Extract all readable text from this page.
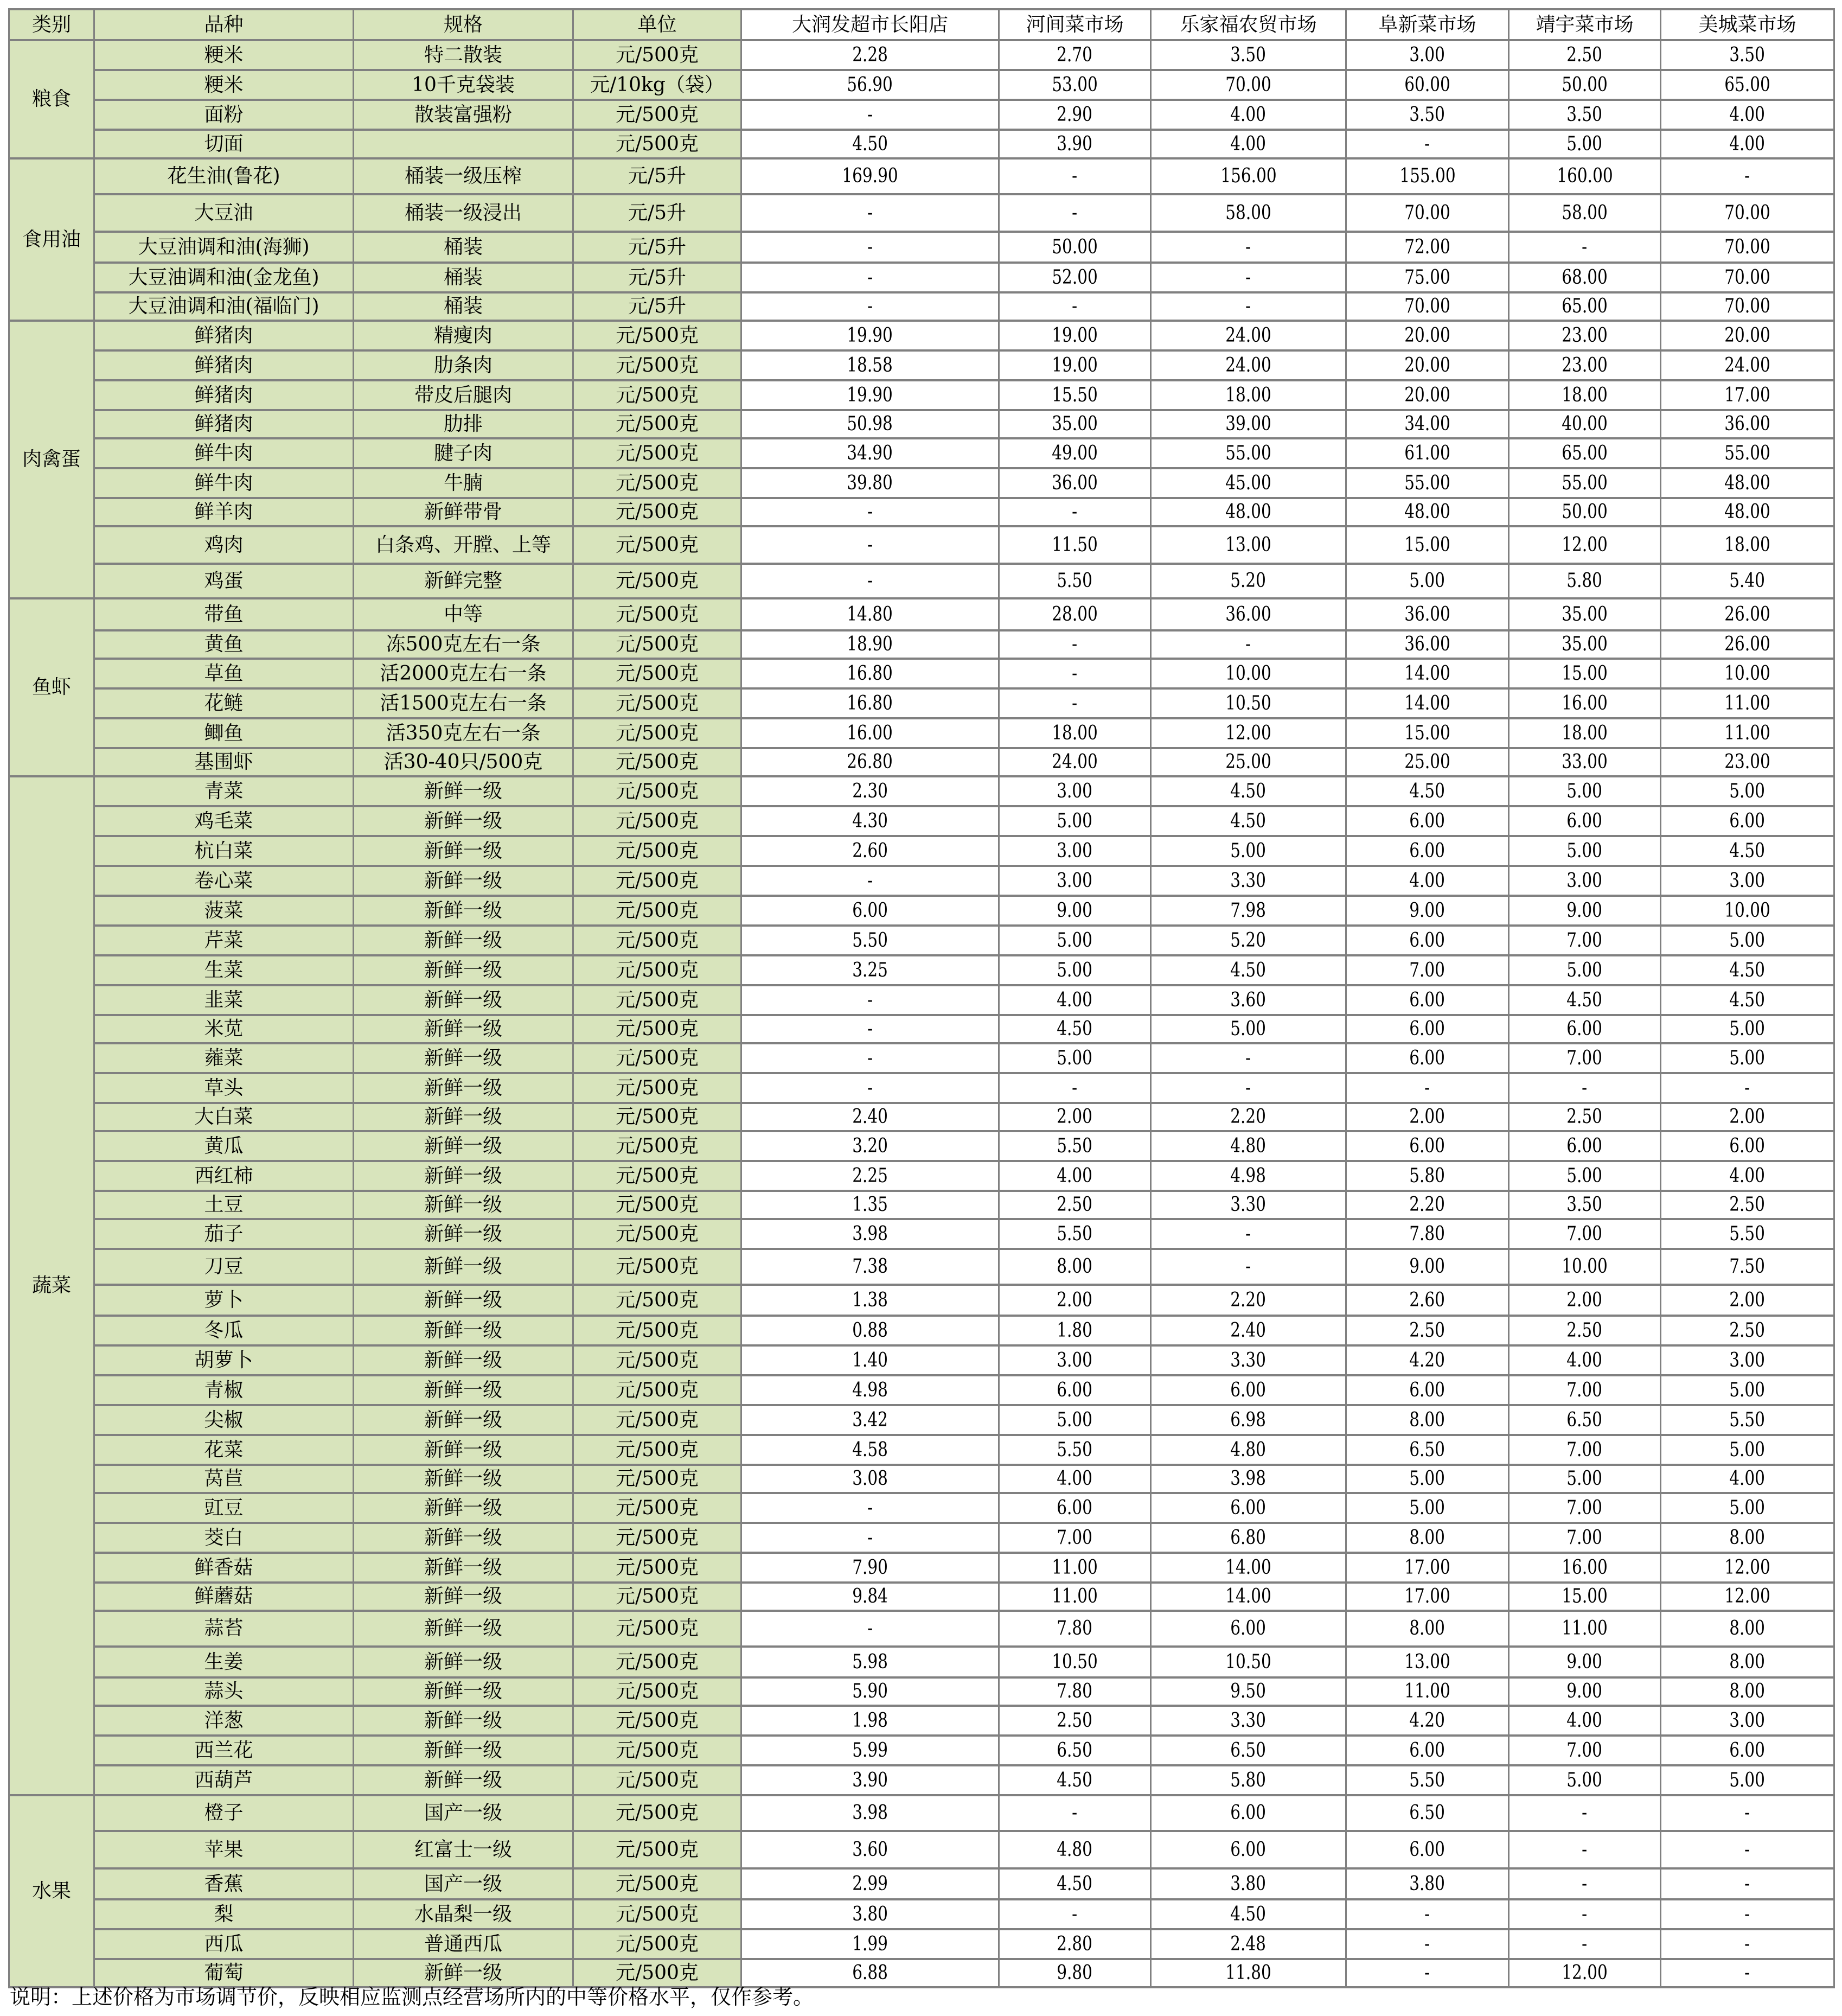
类别	品种	规格	单位	大润发超市长阳店	河间菜市场	乐家福农贸市场	阜新菜市场	靖宇菜市场	美城菜市场
粮食	粳米	特二散装	元/500克	2.28	2.70	3.50	3.00	2.50	3.50
	粳米	10千克袋装	元/10kg（袋）	56.90	53.00	70.00	60.00	50.00	65.00
	面粉	散装富强粉	元/500克	-	2.90	4.00	3.50	3.50	4.00
	切面		元/500克	4.50	3.90	4.00	-	5.00	4.00
食用油	花生油(鲁花)	桶装一级压榨	元/5升	169.90	-	156.00	155.00	160.00	-
	大豆油	桶装一级浸出	元/5升	-	-	58.00	70.00	58.00	70.00
	大豆油调和油(海狮)	桶装	元/5升	-	50.00	-	72.00	-	70.00
	大豆油调和油(金龙鱼)	桶装	元/5升	-	52.00	-	75.00	68.00	70.00
	大豆油调和油(福临门)	桶装	元/5升	-	-	-	70.00	65.00	70.00
肉禽蛋	鲜猪肉	精瘦肉	元/500克	19.90	19.00	24.00	20.00	23.00	20.00
	鲜猪肉	肋条肉	元/500克	18.58	19.00	24.00	20.00	23.00	24.00
	鲜猪肉	带皮后腿肉	元/500克	19.90	15.50	18.00	20.00	18.00	17.00
	鲜猪肉	肋排	元/500克	50.98	35.00	39.00	34.00	40.00	36.00
	鲜牛肉	腱子肉	元/500克	34.90	49.00	55.00	61.00	65.00	55.00
	鲜牛肉	牛腩	元/500克	39.80	36.00	45.00	55.00	55.00	48.00
	鲜羊肉	新鲜带骨	元/500克	-	-	48.00	48.00	50.00	48.00
	鸡肉	白条鸡、开膛、上等	元/500克	-	11.50	13.00	15.00	12.00	18.00
	鸡蛋	新鲜完整	元/500克	-	5.50	5.20	5.00	5.80	5.40
鱼虾	带鱼	中等	元/500克	14.80	28.00	36.00	36.00	35.00	26.00
	黄鱼	冻500克左右一条	元/500克	18.90	-	-	36.00	35.00	26.00
	草鱼	活2000克左右一条	元/500克	16.80	-	10.00	14.00	15.00	10.00
	花鲢	活1500克左右一条	元/500克	16.80	-	10.50	14.00	16.00	11.00
	鲫鱼	活350克左右一条	元/500克	16.00	18.00	12.00	15.00	18.00	11.00
	基围虾	活30-40只/500克	元/500克	26.80	24.00	25.00	25.00	33.00	23.00
蔬菜	青菜	新鲜一级	元/500克	2.30	3.00	4.50	4.50	5.00	5.00
	鸡毛菜	新鲜一级	元/500克	4.30	5.00	4.50	6.00	6.00	6.00
	杭白菜	新鲜一级	元/500克	2.60	3.00	5.00	6.00	5.00	4.50
	卷心菜	新鲜一级	元/500克	-	3.00	3.30	4.00	3.00	3.00
	菠菜	新鲜一级	元/500克	6.00	9.00	7.98	9.00	9.00	10.00
	芹菜	新鲜一级	元/500克	5.50	5.00	5.20	6.00	7.00	5.00
	生菜	新鲜一级	元/500克	3.25	5.00	4.50	7.00	5.00	4.50
	韭菜	新鲜一级	元/500克	-	4.00	3.60	6.00	4.50	4.50
	米苋	新鲜一级	元/500克	-	4.50	5.00	6.00	6.00	5.00
	蕹菜	新鲜一级	元/500克	-	5.00	-	6.00	7.00	5.00
	草头	新鲜一级	元/500克	-	-	-	-	-	-
	大白菜	新鲜一级	元/500克	2.40	2.00	2.20	2.00	2.50	2.00
	黄瓜	新鲜一级	元/500克	3.20	5.50	4.80	6.00	6.00	6.00
	西红柿	新鲜一级	元/500克	2.25	4.00	4.98	5.80	5.00	4.00
	土豆	新鲜一级	元/500克	1.35	2.50	3.30	2.20	3.50	2.50
	茄子	新鲜一级	元/500克	3.98	5.50	-	7.80	7.00	5.50
	刀豆	新鲜一级	元/500克	7.38	8.00	-	9.00	10.00	7.50
	萝卜	新鲜一级	元/500克	1.38	2.00	2.20	2.60	2.00	2.00
	冬瓜	新鲜一级	元/500克	0.88	1.80	2.40	2.50	2.50	2.50
	胡萝卜	新鲜一级	元/500克	1.40	3.00	3.30	4.20	4.00	3.00
	青椒	新鲜一级	元/500克	4.98	6.00	6.00	6.00	7.00	5.00
	尖椒	新鲜一级	元/500克	3.42	5.00	6.98	8.00	6.50	5.50
	花菜	新鲜一级	元/500克	4.58	5.50	4.80	6.50	7.00	5.00
	莴苣	新鲜一级	元/500克	3.08	4.00	3.98	5.00	5.00	4.00
	豇豆	新鲜一级	元/500克	-	6.00	6.00	5.00	7.00	5.00
	茭白	新鲜一级	元/500克	-	7.00	6.80	8.00	7.00	8.00
	鲜香菇	新鲜一级	元/500克	7.90	11.00	14.00	17.00	16.00	12.00
	鲜蘑菇	新鲜一级	元/500克	9.84	11.00	14.00	17.00	15.00	12.00
	蒜苔	新鲜一级	元/500克	-	7.80	6.00	8.00	11.00	8.00
	生姜	新鲜一级	元/500克	5.98	10.50	10.50	13.00	9.00	8.00
	蒜头	新鲜一级	元/500克	5.90	7.80	9.50	11.00	9.00	8.00
	洋葱	新鲜一级	元/500克	1.98	2.50	3.30	4.20	4.00	3.00
	西兰花	新鲜一级	元/500克	5.99	6.50	6.50	6.00	7.00	6.00
	西葫芦	新鲜一级	元/500克	3.90	4.50	5.80	5.50	5.00	5.00
水果	橙子	国产一级	元/500克	3.98	-	6.00	6.50	-	-
	苹果	红富士一级	元/500克	3.60	4.80	6.00	6.00	-	-
	香蕉	国产一级	元/500克	2.99	4.50	3.80	3.80	-	-
	梨	水晶梨一级	元/500克	3.80	-	4.50	-	-	-
	西瓜	普通西瓜	元/500克	1.99	2.80	2.48	-	-	-
	葡萄	新鲜一级	元/500克	6.88	9.80	11.80	-	12.00	-
说明：上述价格为市场调节价，反映相应监测点经营场所内的中等价格水平，仅作参考。
